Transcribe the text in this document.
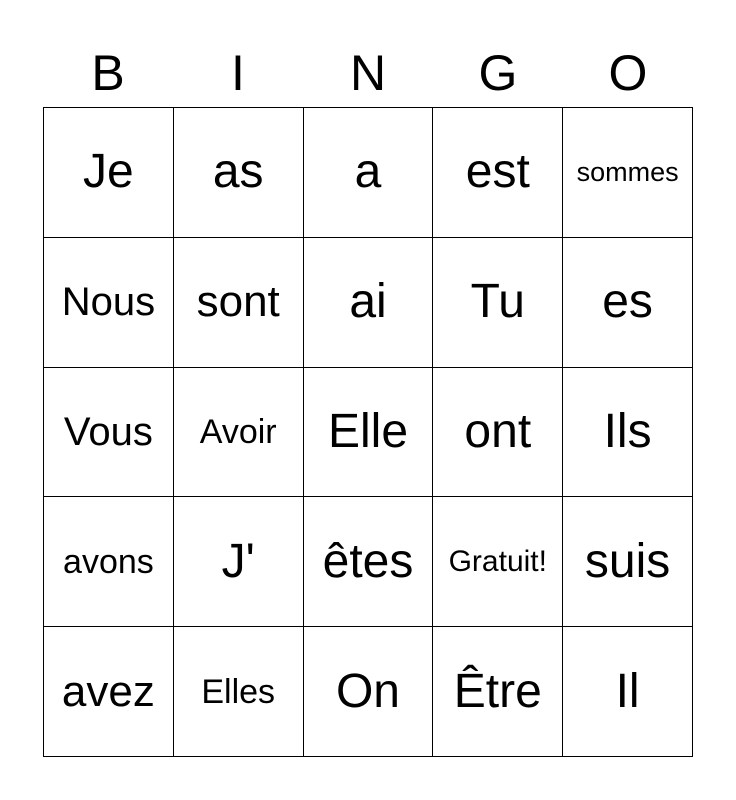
B	I	N	G	O
Je	as	a	est	sommes
Nous	sont	ai	Tu	es
Vous	Avoir	Elle	ont	Ils
avons	J'	êtes	Gratuit!	suis
avez	Elles	On	Être	Il
